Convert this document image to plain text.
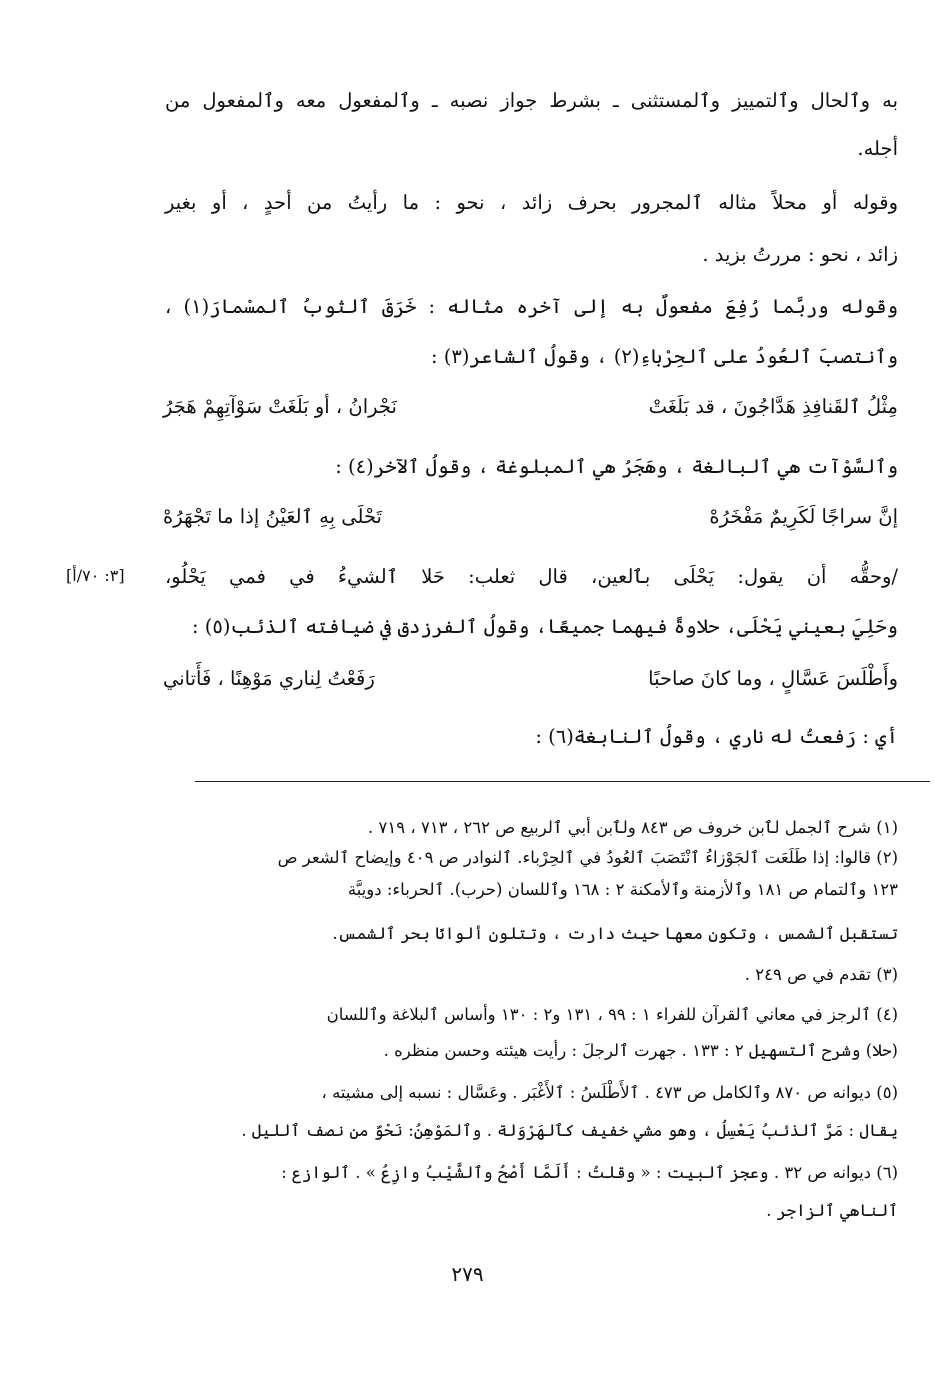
به وٱلحال وٱلتمييز وٱلمستثنى ـ بشرط جواز نصبه ـ وٱلمفعول معه وٱلمفعول من
أجله.
وقوله أو محلاً مثاله ٱلمجرور بحرف زائد ، نحو : ما رأيتُ من أحدٍ ، أو بغير
زائد ، نحو : مررتُ بزيد .
وقوله وربَّما رُفِعَ مفعولٌ به إلى آخره مثاله : خَرَقَ ٱلثوبُ ٱلمسْمارَ(١) ،
وٱنتصبَ ٱلعُودُ على ٱلحِرْباءِ(٢) ، وقولُ ٱلشاعر(٣) :
مِثْلُ ٱلقَنافِذِ هَدَّاجُونَ ، قد بَلَغَتْ
نَجْرانُ ، أو بَلَغَتْ سَوْآتِهِمْ هَجَرُ
وٱلسَّوْآت هي ٱلبالغة ، وهَجَرُ هي ٱلمبلوغة ، وقولُ ٱلآخر(٤) :
إنَّ سراجًا لَكَرِيمٌ مَفْخَرُهْ
تَحْلَى بِهِ ٱلعَيْنُ إذا ما تَجْهَرُهْ
[٣: ٧٠/أ] /وحقُّه أن يقول: يَحْلَى بٱلعين، قال ثعلب: حَلا ٱلشيءُ في فمي يَحْلُو،
وحَلِيَ بعيني يَحْلَى، حلاوةً فيهما جميعًا، وقولُ ٱلفرزدق في ضيافته ٱلذئب(٥) :
وأَطْلَسَ عَسَّالٍ ، وما كانَ صاحبًا
رَفَعْتُ لِناري مَوْهِنًا ، فَأَتاني
أي : رَفعتُ له ناري ، وقولُ ٱلنابغة(٦) :
(١) شرح ٱلجمل لٱبن خروف ص ٨٤٣ ولٱبن أبي ٱلربيع ص ٢٦٢ ، ٧١٣ ، ٧١٩ .
(٢) قالوا: إذا طَلَعَت ٱلجَوْزاءُ ٱنْتَصَبَ ٱلعُودُ في ٱلحِرْباء. ٱلنوادر ص ٤٠٩ وإيضاح ٱلشعر ص
١٢٣ وٱلتمام ص ١٨١ وٱلأزمنة وٱلأمكنة ٢ : ١٦٨ وٱللسان (حرب). ٱلحرباء: دويبَّة
تستقبل ٱلشمس ، وتكون معها حيث دارت ، وتتلون ألوانًا بحر ٱلشمس.
(٣) تقدم في ص ٢٤٩ .
(٤) ٱلرجز في معاني ٱلقرآن للفراء ١ : ٩٩ ، ١٣١ و٢ : ١٣٠ وأساس ٱلبلاغة وٱللسان
(حلا) وشرح ٱلتسهيل ٢ : ١٣٣ . جهرت ٱلرجلَ : رأيت هيئته وحسن منظره .
(٥) ديوانه ص ٨٧٠ وٱلكامل ص ٤٧٣ . ٱلأَطْلَسُ : ٱلأَغْبَر . وعَسَّال : نسبه إلى مشيته ،
يقال : مَرَّ ٱلذئبُ يَعْسِلُ ، وهو مشي خفيف كٱلهَرْوَلة . وٱلمَوْهِنُ: نَحْوٌ من نصف ٱلليل .
(٦) ديوانه ص ٣٢ . وعجز ٱلبيت : « وقلتُ : أَلَمَّا أَصْحُ وٱلشَّيْبُ وازِعُ » . ٱلوازع :
ٱلناهي ٱلزاجر .
٢٧٩
